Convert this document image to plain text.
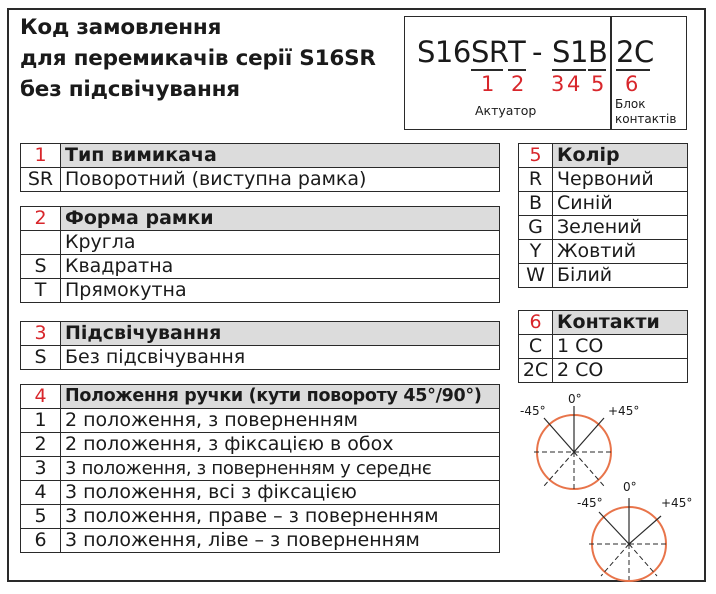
Код замовлення
для перемикачів серії S16SR
без підсвічування
S16 SR T - S 1 B 2C
1 2 3 4 5 6
Актуатор	Блок
контактів
1	Тип вимикача
SR	Поворотний (виступна рамка)
2	Форма рамки
	Кругла
S	Квадратна
T	Прямокутна
3	Підсвічування
S	Без підсвічування
4	Положення ручки (кути повороту 45°/90°)
1	2 положення, з поверненням
2	2 положення, з фіксацією в обох
3	3 положення, з поверненням у середнє
4	3 положення, всі з фіксацією
5	3 положення, праве – з поверненням
6	3 положення, ліве – з поверненням
5	Колір
R	Червоний
B	Синій
G	Зелений
Y	Жовтий
W	Білий
6	Контакти
C	1 CO
2C	2 CO
-45°
0°
+45°
-45°
0°
+45°
